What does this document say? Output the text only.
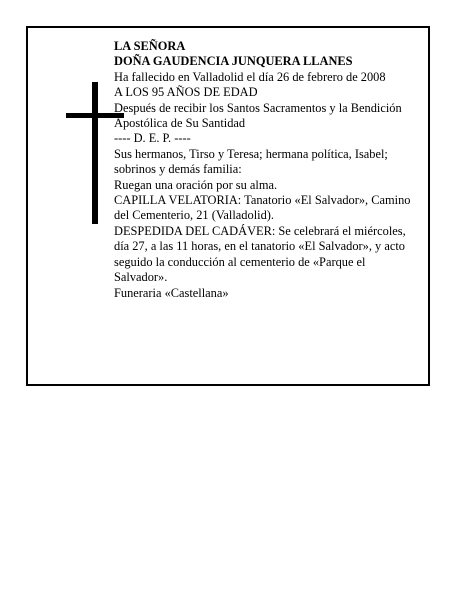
LA SEÑORA

DOÑA GAUDENCIA JUNQUERA LLANES

Ha fallecido en Valladolid el día 26 de febrero de 2008

A LOS 95 AÑOS DE EDAD

Después de recibir los Santos Sacramentos y la Bendición Apostólica de Su Santidad

---- D. E. P. ----

Sus hermanos, Tirso y Teresa; hermana política, Isabel; sobrinos y demás familia:

Ruegan una oración por su alma.

CAPILLA VELATORIA: Tanatorio «El Salvador», Camino del Cementerio, 21 (Valladolid).

DESPEDIDA DEL CADÁVER: Se celebrará el miércoles, día 27, a las 11 horas, en el tanatorio «El Salvador», y acto seguido la conducción al cementerio de «Parque el Salvador».

Funeraria «Castellana»
